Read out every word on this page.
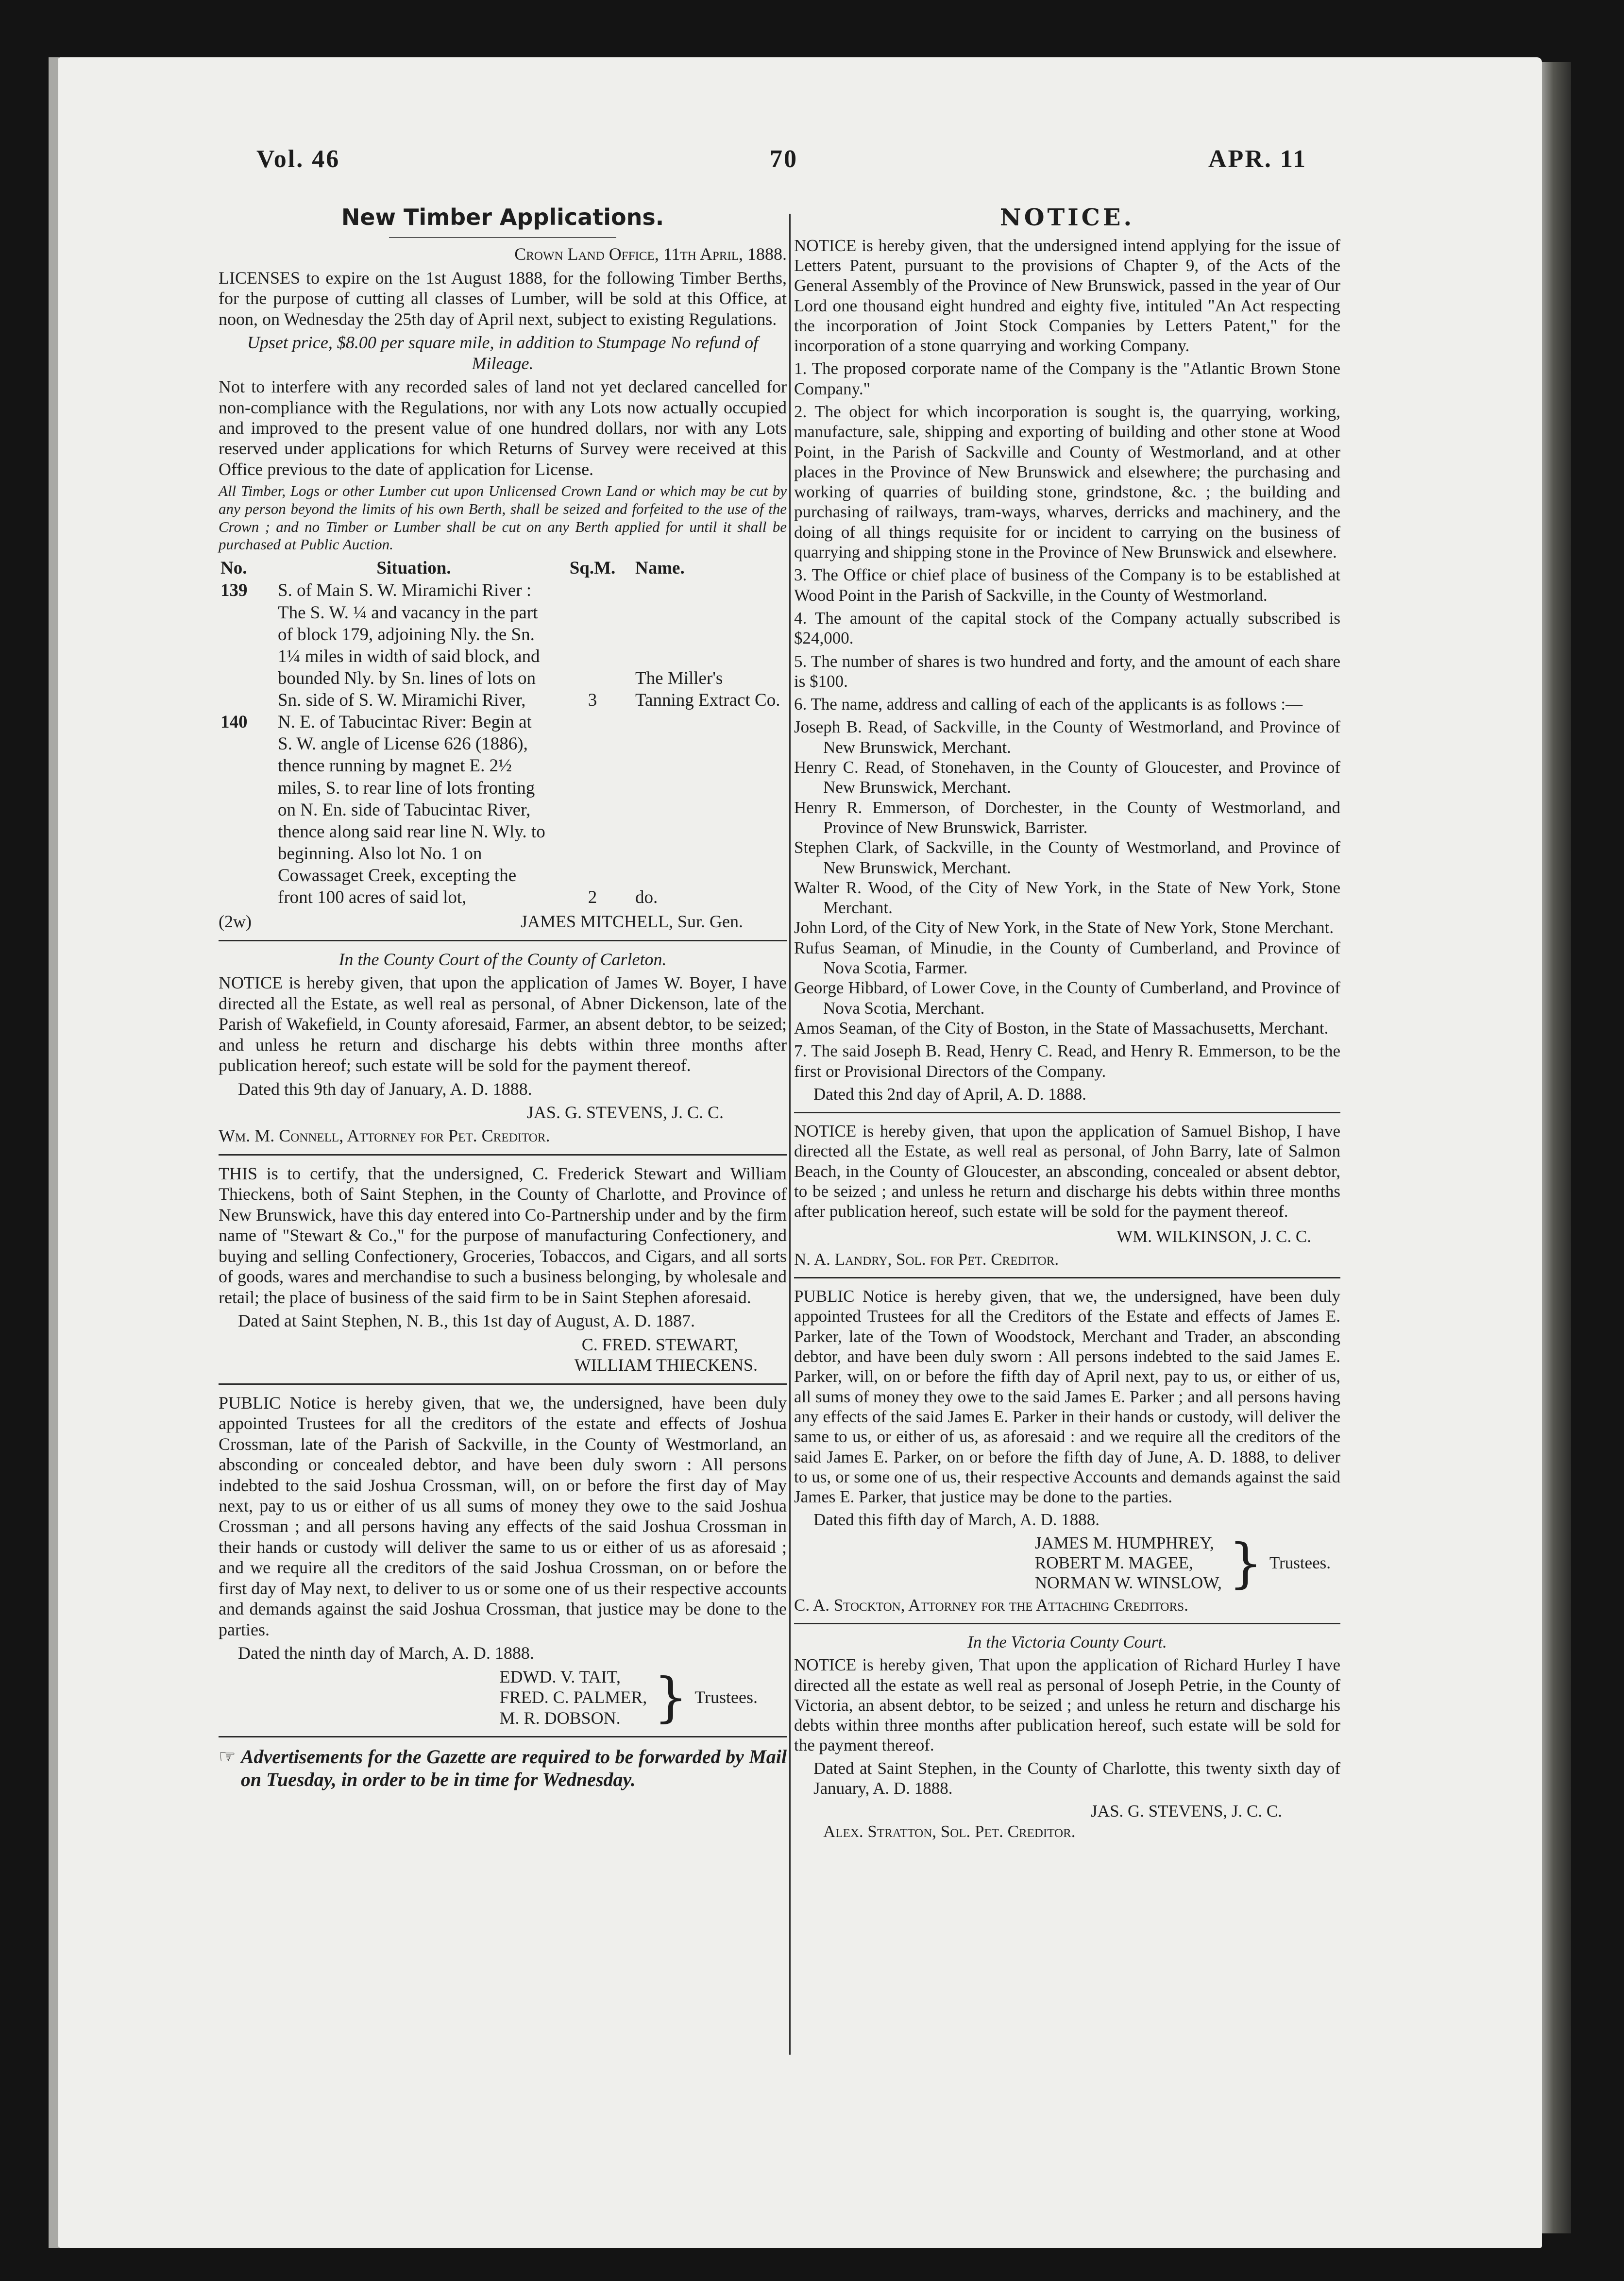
Vol. 46	70	APR. 11
New Timber Applications.

Crown Land Office, 11th April, 1888.

LICENSES to expire on the 1st August 1888, for the following Timber Berths, for the purpose of cutting all classes of Lumber, will be sold at this Office, at noon, on Wednesday the 25th day of April next, subject to existing Regulations.

Upset price, $8.00 per square mile, in addition to Stumpage No refund of Mileage.

Not to interfere with any recorded sales of land not yet declared cancelled for non-compliance with the Regulations, nor with any Lots now actually occupied and improved to the present value of one hundred dollars, nor with any Lots reserved under applications for which Returns of Survey were received at this Office previous to the date of application for License.

All Timber, Logs or other Lumber cut upon Unlicensed Crown Land or which may be cut by any person beyond the limits of his own Berth, shall be seized and forfeited to the use of the Crown ; and no Timber or Lumber shall be cut on any Berth applied for until it shall be purchased at Public Auction.

No.	Situation.	Sq.M.	Name.
139	S. of Main S. W. Miramichi River : The S. W. ¼ and vacancy in the part of block 179, adjoining Nly. the Sn. 1¼ miles in width of said block, and bounded Nly. by Sn. lines of lots on Sn. side of S. W. Miramichi River,	3	The Miller's Tanning Extract Co.
140	N. E. of Tabucintac River: Begin at S. W. angle of License 626 (1886), thence running by magnet E. 2½ miles, S. to rear line of lots fronting on N. En. side of Tabucintac River, thence along said rear line N. Wly. to beginning. Also lot No. 1 on Cowassaget Creek, excepting the front 100 acres of said lot,	2	do.
(2w)	JAMES MITCHELL, Sur. Gen.

In the County Court of the County of Carleton.

NOTICE is hereby given, that upon the application of James W. Boyer, I have directed all the Estate, as well real as personal, of Abner Dickenson, late of the Parish of Wakefield, in County aforesaid, Farmer, an absent debtor, to be seized; and unless he return and discharge his debts within three months after publication hereof; such estate will be sold for the payment thereof.

Dated this 9th day of January, A. D. 1888.

JAS. G. STEVENS, J. C. C.

Wm. M. Connell, Attorney for Pet. Creditor.

THIS is to certify, that the undersigned, C. Frederick Stewart and William Thieckens, both of Saint Stephen, in the County of Charlotte, and Province of New Brunswick, have this day entered into Co-Partnership under and by the firm name of "Stewart & Co.," for the purpose of manufacturing Confectionery, and buying and selling Confectionery, Groceries, Tobaccos, and Cigars, and all sorts of goods, wares and merchandise to such a business belonging, by wholesale and retail; the place of business of the said firm to be in Saint Stephen aforesaid.

Dated at Saint Stephen, N. B., this 1st day of August, A. D. 1887.

C. FRED. STEWART,

WILLIAM THIECKENS.

PUBLIC Notice is hereby given, that we, the undersigned, have been duly appointed Trustees for all the creditors of the estate and effects of Joshua Crossman, late of the Parish of Sackville, in the County of Westmorland, an absconding or concealed debtor, and have been duly sworn : All persons indebted to the said Joshua Crossman, will, on or before the first day of May next, pay to us or either of us all sums of money they owe to the said Joshua Crossman ; and all persons having any effects of the said Joshua Crossman in their hands or custody will deliver the same to us or either of us as aforesaid ; and we require all the creditors of the said Joshua Crossman, on or before the first day of May next, to deliver to us or some one of us their respective accounts and demands against the said Joshua Crossman, that justice may be done to the parties.

Dated the ninth day of March, A. D. 1888.

EDWD. V. TAIT,
FRED. C. PALMER,
M. R. DOBSON. } Trustees.
☞ Advertisements for the Gazette are required to be forwarded by Mail on Tuesday, in order to be in time for Wednesday.

NOTICE.

NOTICE is hereby given, that the undersigned intend applying for the issue of Letters Patent, pursuant to the provisions of Chapter 9, of the Acts of the General Assembly of the Province of New Brunswick, passed in the year of Our Lord one thousand eight hundred and eighty five, intituled "An Act respecting the incorporation of Joint Stock Companies by Letters Patent," for the incorporation of a stone quarrying and working Company.

1. The proposed corporate name of the Company is the "Atlantic Brown Stone Company."

2. The object for which incorporation is sought is, the quarrying, working, manufacture, sale, shipping and exporting of building and other stone at Wood Point, in the Parish of Sackville and County of Westmorland, and at other places in the Province of New Brunswick and elsewhere; the purchasing and working of quarries of building stone, grindstone, &c. ; the building and purchasing of railways, tram-ways, wharves, derricks and machinery, and the doing of all things requisite for or incident to carrying on the business of quarrying and shipping stone in the Province of New Brunswick and elsewhere.

3. The Office or chief place of business of the Company is to be established at Wood Point in the Parish of Sackville, in the County of Westmorland.

4. The amount of the capital stock of the Company actually subscribed is $24,000.

5. The number of shares is two hundred and forty, and the amount of each share is $100.

6. The name, address and calling of each of the applicants is as follows :—

Joseph B. Read, of Sackville, in the County of Westmorland, and Province of New Brunswick, Merchant.

Henry C. Read, of Stonehaven, in the County of Gloucester, and Province of New Brunswick, Merchant.

Henry R. Emmerson, of Dorchester, in the County of Westmorland, and Province of New Brunswick, Barrister.

Stephen Clark, of Sackville, in the County of Westmorland, and Province of New Brunswick, Merchant.

Walter R. Wood, of the City of New York, in the State of New York, Stone Merchant.

John Lord, of the City of New York, in the State of New York, Stone Merchant.

Rufus Seaman, of Minudie, in the County of Cumberland, and Province of Nova Scotia, Farmer.

George Hibbard, of Lower Cove, in the County of Cumberland, and Province of Nova Scotia, Merchant.

Amos Seaman, of the City of Boston, in the State of Massachusetts, Merchant.

7. The said Joseph B. Read, Henry C. Read, and Henry R. Emmerson, to be the first or Provisional Directors of the Company.

Dated this 2nd day of April, A. D. 1888.

NOTICE is hereby given, that upon the application of Samuel Bishop, I have directed all the Estate, as well real as personal, of John Barry, late of Salmon Beach, in the County of Gloucester, an absconding, concealed or absent debtor, to be seized ; and unless he return and discharge his debts within three months after publication hereof, such estate will be sold for the payment thereof.

WM. WILKINSON, J. C. C.

N. A. Landry, Sol. for Pet. Creditor.

PUBLIC Notice is hereby given, that we, the undersigned, have been duly appointed Trustees for all the Creditors of the Estate and effects of James E. Parker, late of the Town of Woodstock, Merchant and Trader, an absconding debtor, and have been duly sworn : All persons indebted to the said James E. Parker, will, on or before the fifth day of April next, pay to us, or either of us, all sums of money they owe to the said James E. Parker ; and all persons having any effects of the said James E. Parker in their hands or custody, will deliver the same to us, or either of us, as aforesaid : and we require all the creditors of the said James E. Parker, on or before the fifth day of June, A. D. 1888, to deliver to us, or some one of us, their respective Accounts and demands against the said James E. Parker, that justice may be done to the parties.

Dated this fifth day of March, A. D. 1888.

JAMES M. HUMPHREY,
ROBERT M. MAGEE,
NORMAN W. WINSLOW, } Trustees.

C. A. Stockton, Attorney for the Attaching Creditors.

In the Victoria County Court.

NOTICE is hereby given, That upon the application of Richard Hurley I have directed all the estate as well real as personal of Joseph Petrie, in the County of Victoria, an absent debtor, to be seized ; and unless he return and discharge his debts within three months after publication hereof, such estate will be sold for the payment thereof.

Dated at Saint Stephen, in the County of Charlotte, this twenty sixth day of January, A. D. 1888.

JAS. G. STEVENS, J. C. C.

Alex. Stratton, Sol. Pet. Creditor.
